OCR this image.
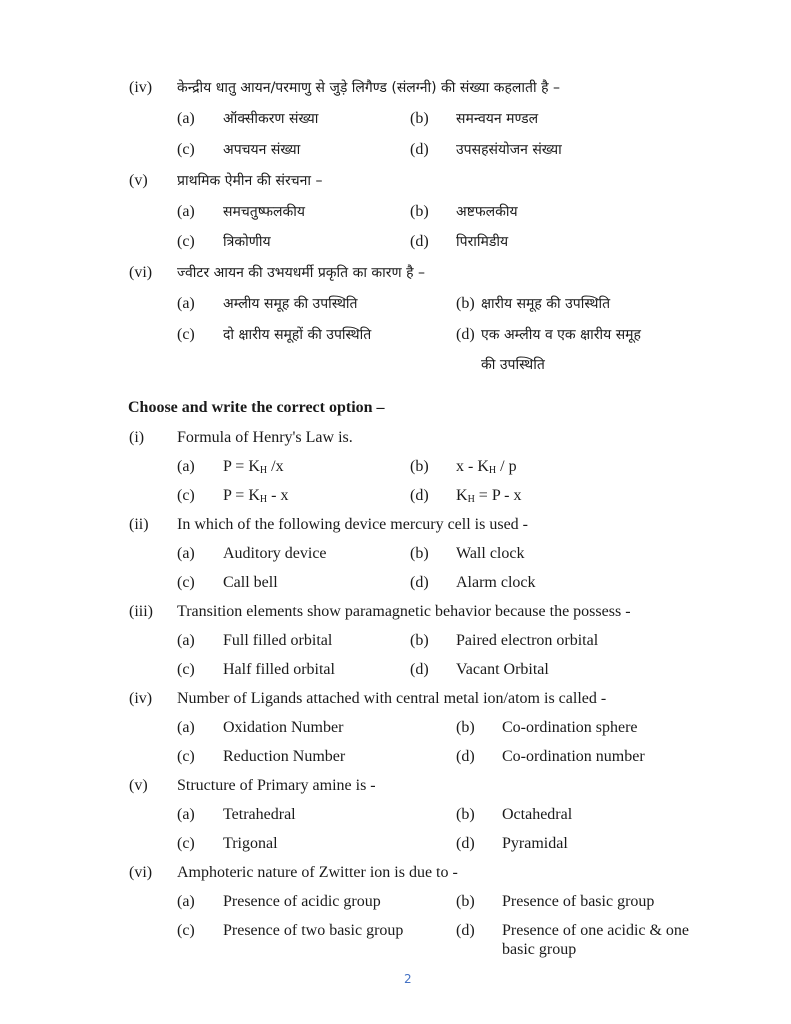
(iv) केन्द्रीय धातु आयन/परमाणु से जुड़े लिगैण्ड (संलग्नी) की संख्या कहलाती है –
(a) ऑक्सीकरण संख्या	(b) समन्वयन मण्डल
(c) अपचयन संख्या	(d) उपसहसंयोजन संख्या
(v) प्राथमिक ऐमीन की संरचना –
(a) समचतुष्फलकीय	(b) अष्टफलकीय
(c) त्रिकोणीय	(d) पिरामिडीय
(vi) ज्वीटर आयन की उभयधर्मी प्रकृति का कारण है –
(a) अम्लीय समूह की उपस्थिति	(b) क्षारीय समूह की उपस्थिति
(c) दो क्षारीय समूहों की उपस्थिति	(d) एक अम्लीय व एक क्षारीय समूह
की उपस्थिति
Choose and write the correct option –
(i) Formula of Henry's Law is.
(a) $P = K_H$ /x	(b) x - $K_H$ / p
(c) $P = K_H - x$	(d) $K_H = P - x$
(ii) In which of the following device mercury cell is used -
(a) Auditory device	(b) Wall clock
(c) Call bell	(d) Alarm clock
(iii) Transition elements show paramagnetic behavior because the possess -
(a) Full filled orbital	(b) Paired electron orbital
(c) Half filled orbital	(d) Vacant Orbital
(iv) Number of Ligands attached with central metal ion/atom is called -
(a) Oxidation Number	(b) Co-ordination sphere
(c) Reduction Number	(d) Co-ordination number
(v) Structure of Primary amine is -
(a) Tetrahedral	(b) Octahedral
(c) Trigonal	(d) Pyramidal
(vi) Amphoteric nature of Zwitter ion is due to -
(a) Presence of acidic group	(b) Presence of basic group
(c) Presence of two basic group	(d) Presence of one acidic & one
basic group
2
